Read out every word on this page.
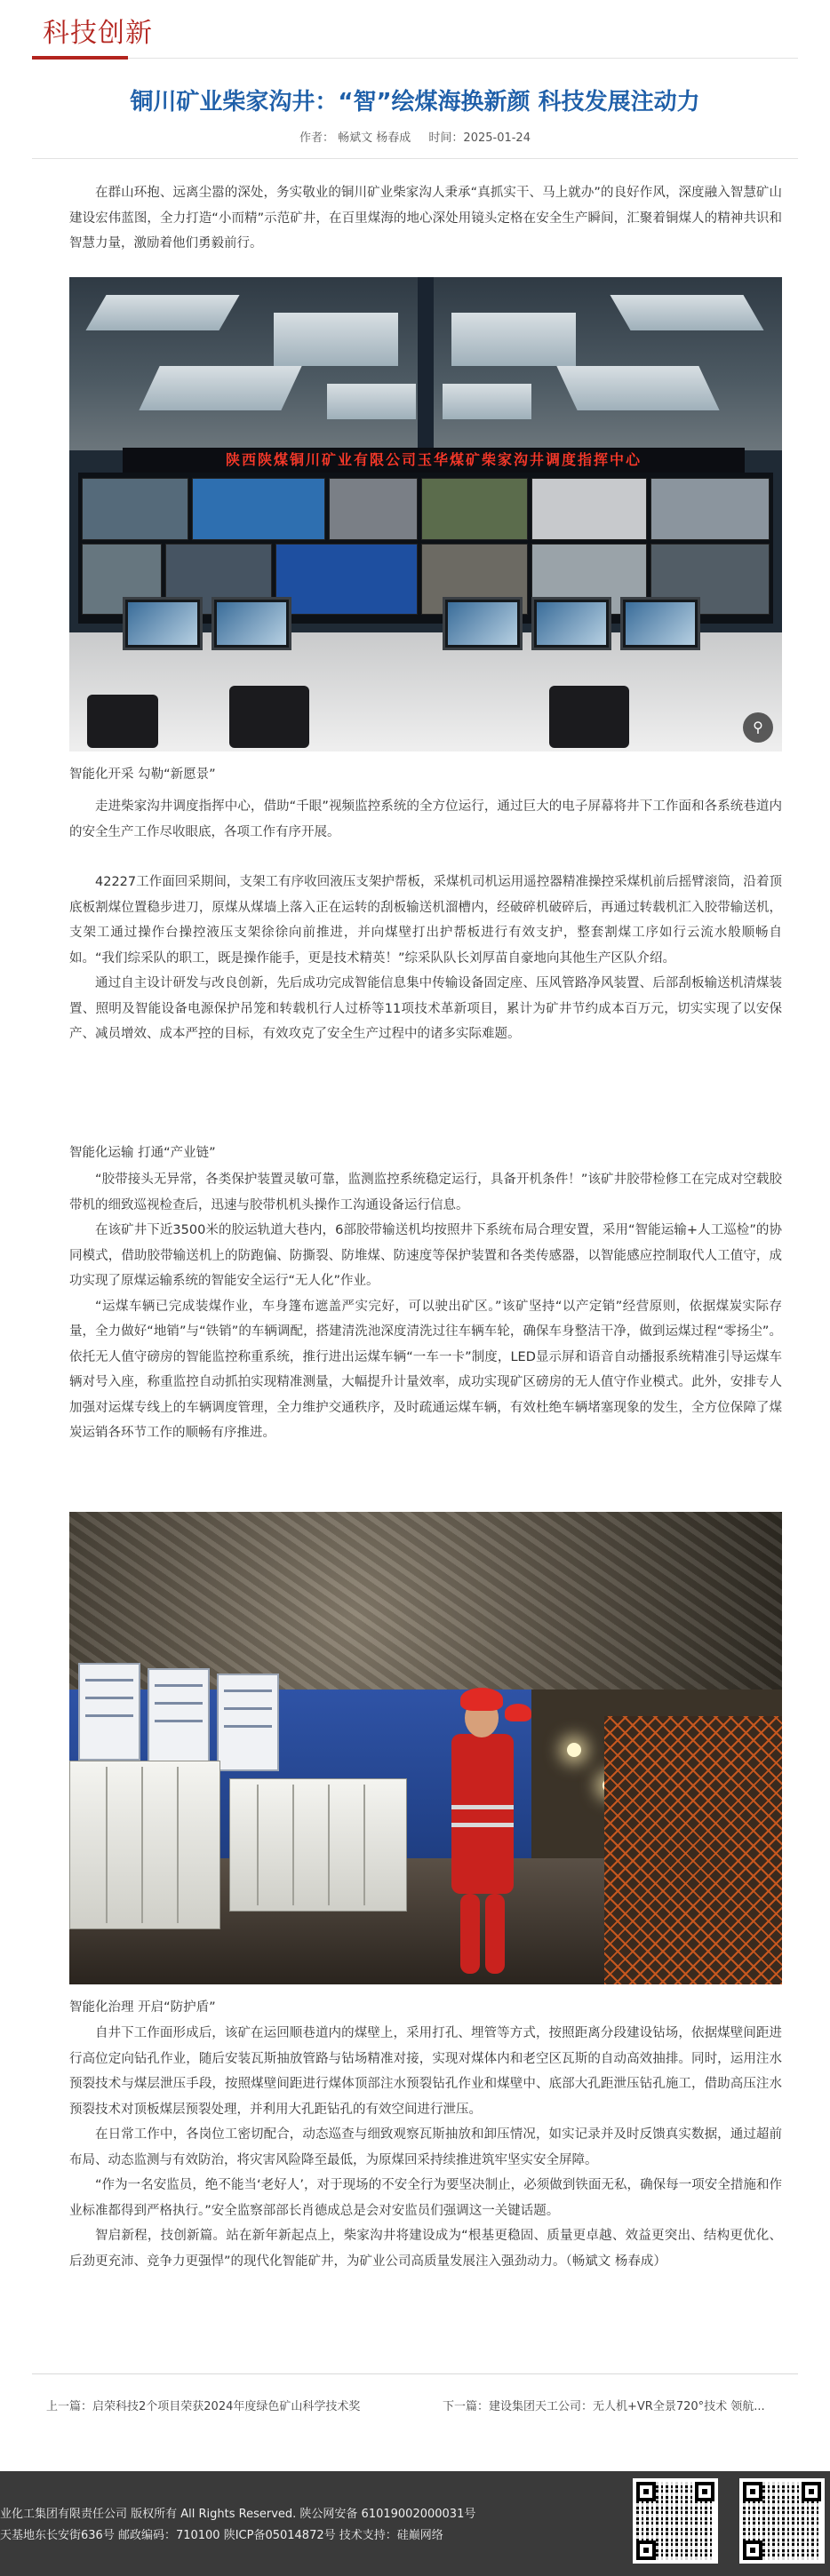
科技创新
铜川矿业柴家沟井：“智”绘煤海换新颜 科技发展注动力
作者： 畅斌文 杨春成 时间：2025-01-24

在群山环抱、远离尘嚣的深处，务实敬业的铜川矿业柴家沟人秉承“真抓实干、马上就办”的良好作风，深度融入智慧矿山建设宏伟蓝图，全力打造“小而精”示范矿井，在百里煤海的地心深处用镜头定格在安全生产瞬间，汇聚着铜煤人的精神共识和智慧力量，激励着他们勇毅前行。

陕西陕煤铜川矿业有限公司玉华煤矿柴家沟井调度指挥中心
⚲
智能化开采 勾勒“新愿景”

走进柴家沟井调度指挥中心，借助“千眼”视频监控系统的全方位运行，通过巨大的电子屏幕将井下工作面和各系统巷道内的安全生产工作尽收眼底，各项工作有序开展。

42227工作面回采期间，支架工有序收回液压支架护帮板，采煤机司机运用遥控器精准操控采煤机前后摇臂滚筒，沿着顶底板割煤位置稳步进刀，原煤从煤墙上落入正在运转的刮板输送机溜槽内，经破碎机破碎后，再通过转载机汇入胶带输送机，支架工通过操作台操控液压支架徐徐向前推进，并向煤壁打出护帮板进行有效支护，整套割煤工序如行云流水般顺畅自如。“我们综采队的职工，既是操作能手，更是技术精英！”综采队队长刘厚苗自豪地向其他生产区队介绍。

通过自主设计研发与改良创新，先后成功完成智能信息集中传输设备固定座、压风管路净风装置、后部刮板输送机清煤装置、照明及智能设备电源保护吊笼和转载机行人过桥等11项技术革新项目，累计为矿井节约成本百万元，切实实现了以安保产、减员增效、成本严控的目标，有效攻克了安全生产过程中的诸多实际难题。

智能化运输 打通“产业链”

“胶带接头无异常，各类保护装置灵敏可靠，监测监控系统稳定运行，具备开机条件！”该矿井胶带检修工在完成对空载胶带机的细致巡视检查后，迅速与胶带机机头操作工沟通设备运行信息。

在该矿井下近3500米的胶运轨道大巷内，6部胶带输送机均按照井下系统布局合理安置，采用“智能运输+人工巡检”的协同模式，借助胶带输送机上的防跑偏、防撕裂、防堆煤、防速度等保护装置和各类传感器，以智能感应控制取代人工值守，成功实现了原煤运输系统的智能安全运行“无人化”作业。

“运煤车辆已完成装煤作业，车身篷布遮盖严实完好，可以驶出矿区。”该矿坚持“以产定销”经营原则，依据煤炭实际存量，全力做好“地销”与“铁销”的车辆调配，搭建清洗池深度清洗过往车辆车轮，确保车身整洁干净，做到运煤过程“零扬尘”。依托无人值守磅房的智能监控称重系统，推行进出运煤车辆“一车一卡”制度，LED显示屏和语音自动播报系统精准引导运煤车辆对号入座，称重监控自动抓拍实现精准测量，大幅提升计量效率，成功实现矿区磅房的无人值守作业模式。此外，安排专人加强对运煤专线上的车辆调度管理，全力维护交通秩序，及时疏通运煤车辆，有效杜绝车辆堵塞现象的发生，全方位保障了煤炭运销各环节工作的顺畅有序推进。

智能化治理 开启“防护盾”

自井下工作面形成后，该矿在运回顺巷道内的煤壁上，采用打孔、埋管等方式，按照距离分段建设钻场，依据煤壁间距进行高位定向钻孔作业，随后安装瓦斯抽放管路与钻场精准对接，实现对煤体内和老空区瓦斯的自动高效抽排。同时，运用注水预裂技术与煤层泄压手段，按照煤壁间距进行煤体顶部注水预裂钻孔作业和煤壁中、底部大孔距泄压钻孔施工，借助高压注水预裂技术对顶板煤层预裂处理，并利用大孔距钻孔的有效空间进行泄压。

在日常工作中，各岗位工密切配合，动态巡查与细致观察瓦斯抽放和卸压情况，如实记录并及时反馈真实数据，通过超前布局、动态监测与有效防治，将灾害风险降至最低，为原煤回采持续推进筑牢坚实安全屏障。

“作为一名安监员，绝不能当‘老好人’，对于现场的不安全行为要坚决制止，必须做到铁面无私，确保每一项安全措施和作业标准都得到严格执行。”安全监察部部长肖德成总是会对安监员们强调这一关键话题。

智启新程，技创新篇。站在新年新起点上，柴家沟井将建设成为“根基更稳固、质量更卓越、效益更突出、结构更优化、后劲更充沛、竞争力更强悍”的现代化智能矿井，为矿业公司高质量发展注入强劲动力。（畅斌文 杨春成）

上一篇：启荣科技2个项目荣获2024年度绿色矿山科学技术奖	下一篇：建设集团天工公司：无人机+VR全景720°技术 领航...
业化工集团有限责任公司 版权所有 All Rights Reserved. 陕公网安备 61019002000031号
天基地东长安街636号 邮政编码：710100 陕ICP备05014872号 技术支持：硅巅网络
